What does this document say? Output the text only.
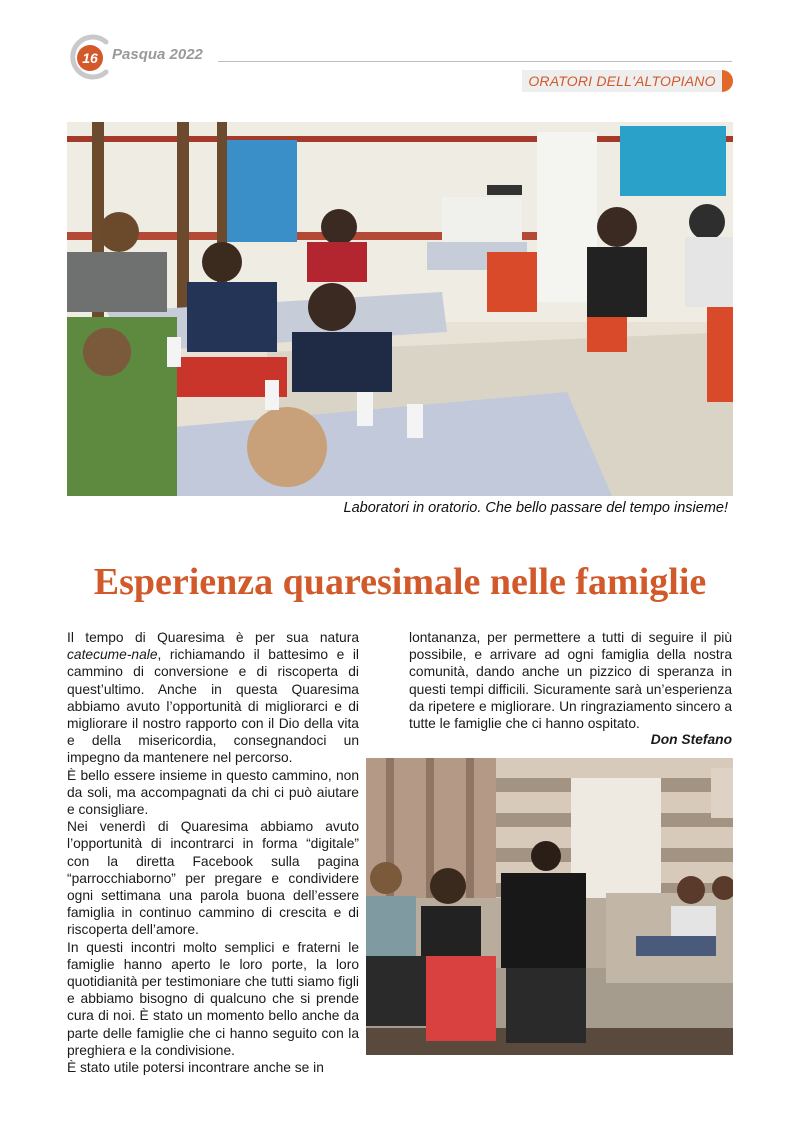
16 Pasqua 2022
ORATORI DELL'ALTOPIANO
Laboratori in oratorio. Che bello passare del tempo insieme!
Esperienza quaresimale nelle famiglie

Il tempo di Quaresima è per sua natura catecume-nale, richiamando il battesimo e il cammino di conversione e di riscoperta di quest’ultimo. Anche in questa Quaresima abbiamo avuto l’opportunità di migliorarci e di migliorare il nostro rapporto con il Dio della vita e della misericordia, consegnandoci un impegno da mantenere nel percorso.

È bello essere insieme in questo cammino, non da soli, ma accompagnati da chi ci può aiutare e consigliare.

Nei venerdì di Quaresima abbiamo avuto l’opportunità di incontrarci in forma “digitale” con la diretta Facebook sulla pagina “parrocchiaborno” per pregare e condividere ogni settimana una parola buona dell’essere famiglia in continuo cammino di crescita e di riscoperta dell’amore.

In questi incontri molto semplici e fraterni le famiglie hanno aperto le loro porte, la loro quotidianità per testimoniare che tutti siamo figli e abbiamo bisogno di qualcuno che si prende cura di noi. È stato un momento bello anche da parte delle famiglie che ci hanno seguito con la preghiera e la condivisione.

È stato utile potersi incontrare anche se in

lontananza, per permettere a tutti di seguire il più possibile, e arrivare ad ogni famiglia della nostra comunità, dando anche un pizzico di speranza in questi tempi difficili. Sicuramente sarà un’esperienza da ripetere e migliorare. Un ringraziamento sincero a tutte le famiglie che ci hanno ospitato.

Don Stefano
